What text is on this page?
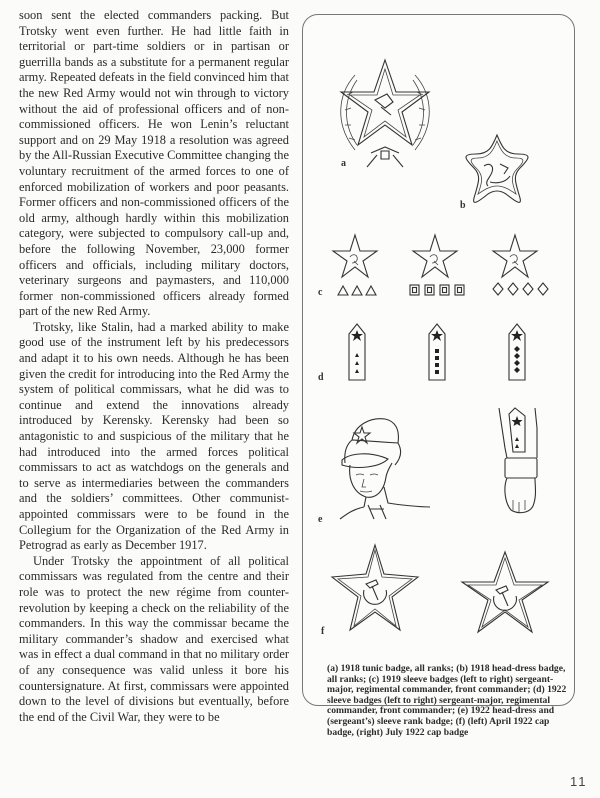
soon sent the elected commanders packing. But Trotsky went even further. He had little faith in territorial or part-time soldiers or in partisan or guerrilla bands as a substitute for a permanent regular army. Repeated defeats in the field convinced him that the new Red Army would not win through to victory without the aid of professional officers and of non-commissioned officers. He won Lenin’s reluctant support and on 29 May 1918 a resolution was agreed by the All-Russian Executive Committee changing the voluntary recruitment of the armed forces to one of enforced mobilization of workers and poor peasants. Former officers and non-commissioned officers of the old army, although hardly within this mobilization category, were subjected to compulsory call-up and, before the following November, 23,000 former officers and officials, including military doctors, veterinary surgeons and paymasters, and 110,000 former non-commissioned officers already formed part of the new Red Army.

Trotsky, like Stalin, had a marked ability to make good use of the instrument left by his predecessors and adapt it to his own needs. Although he has been given the credit for introducing into the Red Army the system of political commissars, what he did was to continue and extend the innovations already introduced by Kerensky. Kerensky had been so antagonistic to and suspicious of the military that he had introduced into the armed forces political commissars to act as watchdogs on the generals and to serve as intermediaries between the commanders and the soldiers’ committees. Other communist-appointed commissars were to be found in the Collegium for the Organization of the Red Army in Petrograd as early as December 1917.

Under Trotsky the appointment of all political commissars was regulated from the centre and their role was to protect the new régime from counter-revolution by keeping a check on the reliability of the commanders. In this way the commissar became the military commander’s shadow and exercised what was in effect a dual command in that no military order of any consequence was valid unless it bore his countersignature. At first, commissars were appointed down to the level of divisions but eventually, before the end of the Civil War, they were to be

a
b
c
d
e
f
(a) 1918 tunic badge, all ranks; (b) 1918 head-dress badge, all ranks; (c) 1919 sleeve badges (left to right) sergeant-major, regimental commander, front commander; (d) 1922 sleeve badges (left to right) sergeant-major, regimental commander, front commander; (e) 1922 head-dress and (sergeant’s) sleeve rank badge; (f) (left) April 1922 cap badge, (right) July 1922 cap badge
11
